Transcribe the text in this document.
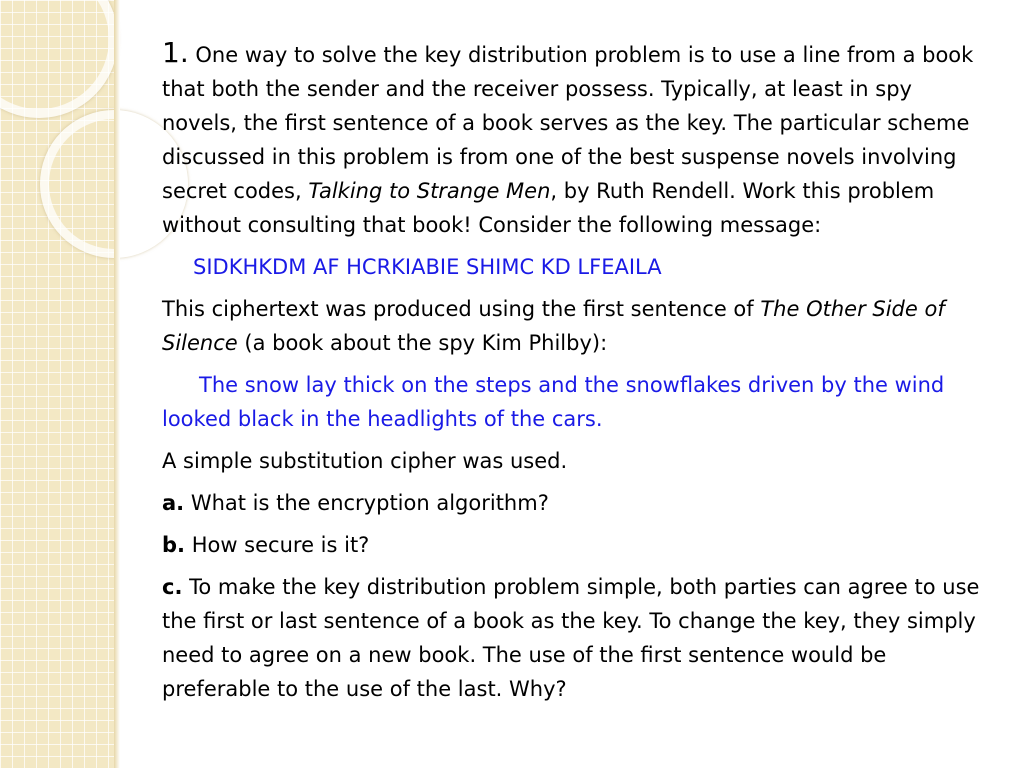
1. One way to solve the key distribution problem is to use a line from a book that both the sender and the receiver possess. Typically, at least in spy novels, the first sentence of a book serves as the key. The particular scheme discussed in this problem is from one of the best suspense novels involving secret codes, Talking to Strange Men, by Ruth Rendell. Work this problem without consulting that book! Consider the following message:

SIDKHKDM AF HCRKIABIE SHIMC KD LFEAILA

This ciphertext was produced using the first sentence of The Other Side of Silence (a book about the spy Kim Philby):

The snow lay thick on the steps and the snowflakes driven by the wind looked black in the headlights of the cars.

A simple substitution cipher was used.

a. What is the encryption algorithm?

b. How secure is it?

c. To make the key distribution problem simple, both parties can agree to use the first or last sentence of a book as the key. To change the key, they simply need to agree on a new book. The use of the first sentence would be preferable to the use of the last. Why?
